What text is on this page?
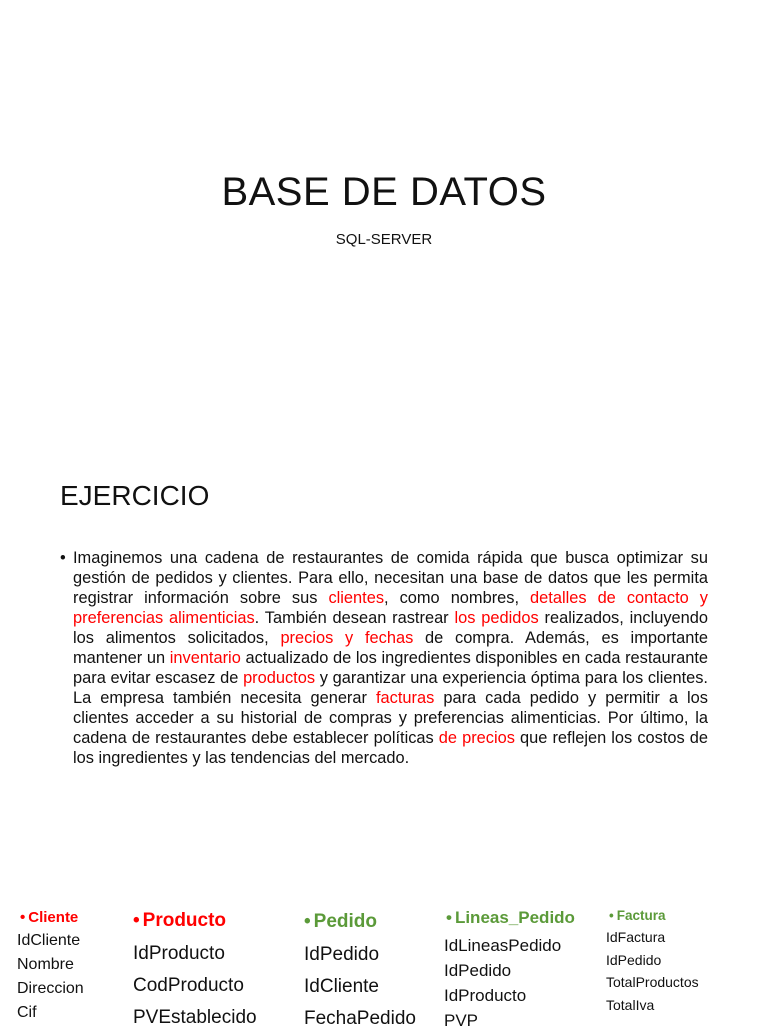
BASE DE DATOS

SQL-SERVER

EJERCICIO
• Imaginemos una cadena de restaurantes de comida rápida que busca optimizar su gestión de pedidos y clientes. Para ello, necesitan una base de datos que les permita registrar información sobre sus clientes, como nombres, detalles de contacto y preferencias alimenticias. También desean rastrear los pedidos realizados, incluyendo los alimentos solicitados, precios y fechas de compra. Además, es importante mantener un inventario actualizado de los ingredientes disponibles en cada restaurante para evitar escasez de productos y garantizar una experiencia óptima para los clientes. La empresa también necesita generar facturas para cada pedido y permitir a los clientes acceder a su historial de compras y preferencias alimenticias. Por último, la cadena de restaurantes debe establecer políticas de precios que reflejen los costos de los ingredientes y las tendencias del mercado.
• Cliente
IdCliente
Nombre
Direccion
Cif
• Producto
IdProducto
CodProducto
PVEstablecido
• Pedido
IdPedido
IdCliente
FechaPedido
• Lineas_Pedido
IdLineasPedido
IdPedido
IdProducto
PVP
• Factura
IdFactura
IdPedido
TotalProductos
TotalIva
